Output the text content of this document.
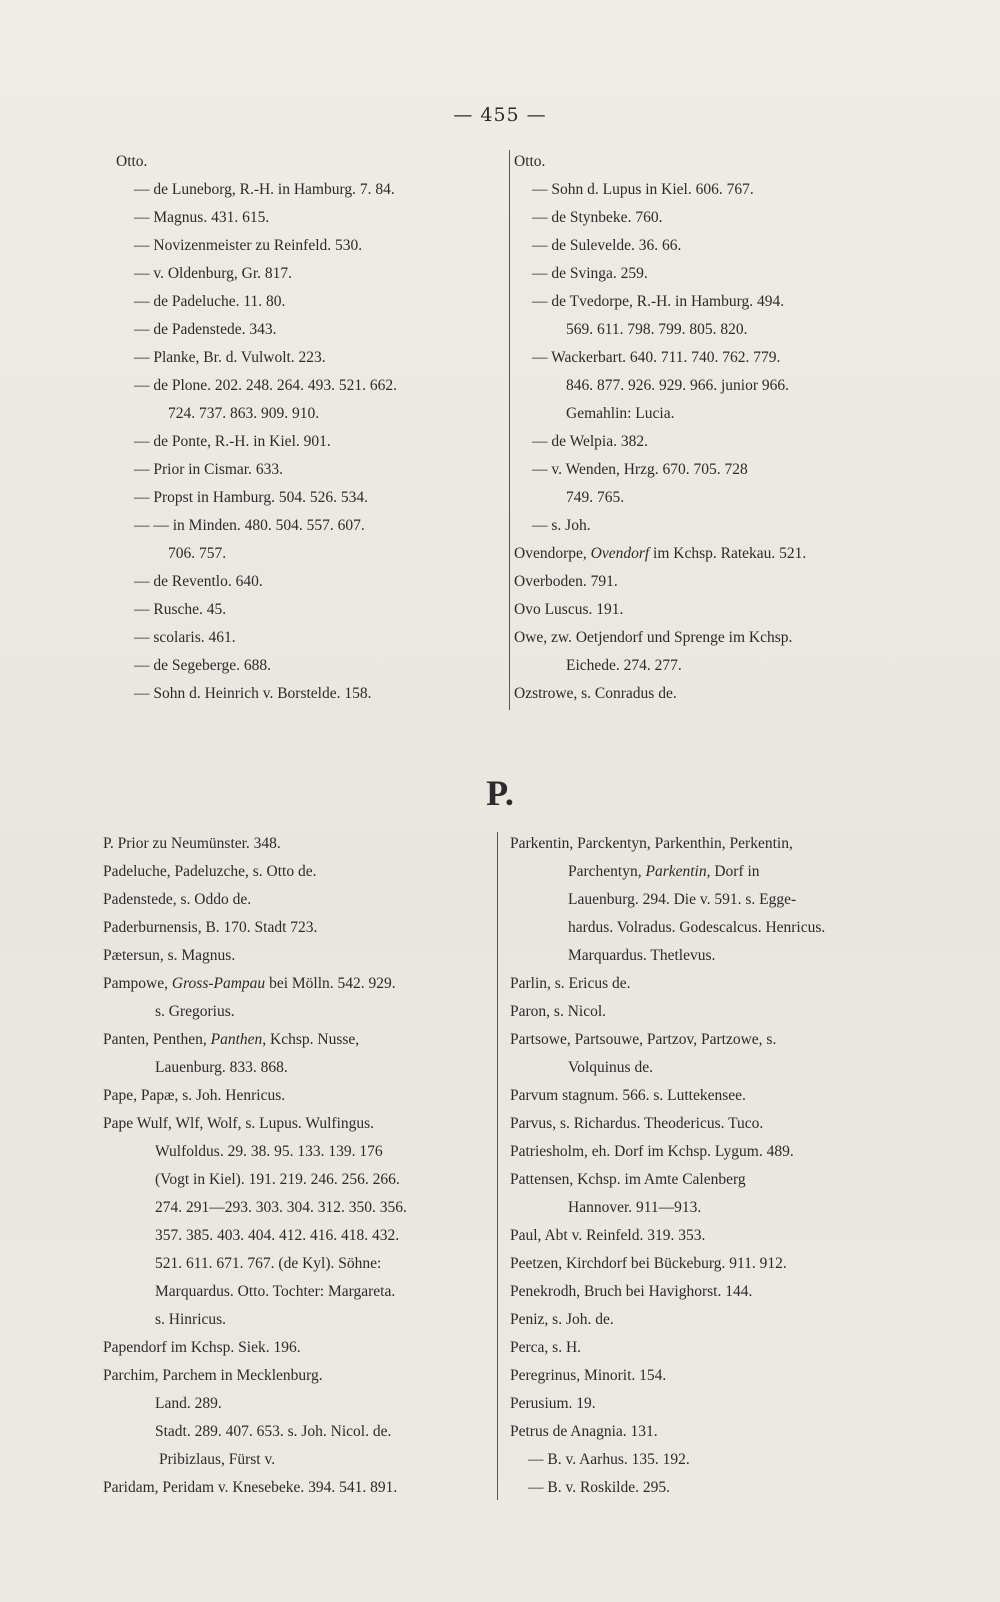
— 455 —
Otto.
— de Luneborg, R.-H. in Hamburg. 7. 84.
— Magnus. 431. 615.
— Novizenmeister zu Reinfeld. 530.
— v. Oldenburg, Gr. 817.
— de Padeluche. 11. 80.
— de Padenstede. 343.
— Planke, Br. d. Vulwolt. 223.
— de Plone. 202. 248. 264. 493. 521. 662.
724. 737. 863. 909. 910.
— de Ponte, R.-H. in Kiel. 901.
— Prior in Cismar. 633.
— Propst in Hamburg. 504. 526. 534.
— — in Minden. 480. 504. 557. 607.
706. 757.
— de Reventlo. 640.
— Rusche. 45.
— scolaris. 461.
— de Segeberge. 688.
— Sohn d. Heinrich v. Borstelde. 158.
Otto.
— Sohn d. Lupus in Kiel. 606. 767.
— de Stynbeke. 760.
— de Sulevelde. 36. 66.
— de Svinga. 259.
— de Tvedorpe, R.-H. in Hamburg. 494.
569. 611. 798. 799. 805. 820.
— Wackerbart. 640. 711. 740. 762. 779.
846. 877. 926. 929. 966. junior 966.
Gemahlin: Lucia.
— de Welpia. 382.
— v. Wenden, Hrzg. 670. 705. 728
749. 765.
— s. Joh.
Ovendorpe, Ovendorf im Kchsp. Ratekau. 521.
Overboden. 791.
Ovo Luscus. 191.
Owe, zw. Oetjendorf und Sprenge im Kchsp.
Eichede. 274. 277.
Ozstrowe, s. Conradus de.
P.
P. Prior zu Neumünster. 348.
Padeluche, Padeluzche, s. Otto de.
Padenstede, s. Oddo de.
Paderburnensis, B. 170. Stadt 723.
Pætersun, s. Magnus.
Pampowe, Gross-Pampau bei Mölln. 542. 929.
s. Gregorius.
Panten, Penthen, Panthen, Kchsp. Nusse,
Lauenburg. 833. 868.
Pape, Papæ, s. Joh. Henricus.
Pape Wulf, Wlf, Wolf, s. Lupus. Wulfingus.
Wulfoldus. 29. 38. 95. 133. 139. 176
(Vogt in Kiel). 191. 219. 246. 256. 266.
274. 291—293. 303. 304. 312. 350. 356.
357. 385. 403. 404. 412. 416. 418. 432.
521. 611. 671. 767. (de Kyl). Söhne:
Marquardus. Otto. Tochter: Margareta.
s. Hinricus.
Papendorf im Kchsp. Siek. 196.
Parchim, Parchem in Mecklenburg.
Land. 289.
Stadt. 289. 407. 653. s. Joh. Nicol. de.
Pribizlaus, Fürst v.
Paridam, Peridam v. Knesebeke. 394. 541. 891.
Parkentin, Parckentyn, Parkenthin, Perkentin,
Parchentyn, Parkentin, Dorf in
Lauenburg. 294. Die v. 591. s. Egge-
hardus. Volradus. Godescalcus. Henricus.
Marquardus. Thetlevus.
Parlin, s. Ericus de.
Paron, s. Nicol.
Partsowe, Partsouwe, Partzov, Partzowe, s.
Volquinus de.
Parvum stagnum. 566. s. Luttekensee.
Parvus, s. Richardus. Theodericus. Tuco.
Patriesholm, eh. Dorf im Kchsp. Lygum. 489.
Pattensen, Kchsp. im Amte Calenberg
Hannover. 911—913.
Paul, Abt v. Reinfeld. 319. 353.
Peetzen, Kirchdorf bei Bückeburg. 911. 912.
Penekrodh, Bruch bei Havighorst. 144.
Peniz, s. Joh. de.
Perca, s. H.
Peregrinus, Minorit. 154.
Perusium. 19.
Petrus de Anagnia. 131.
— B. v. Aarhus. 135. 192.
— B. v. Roskilde. 295.
